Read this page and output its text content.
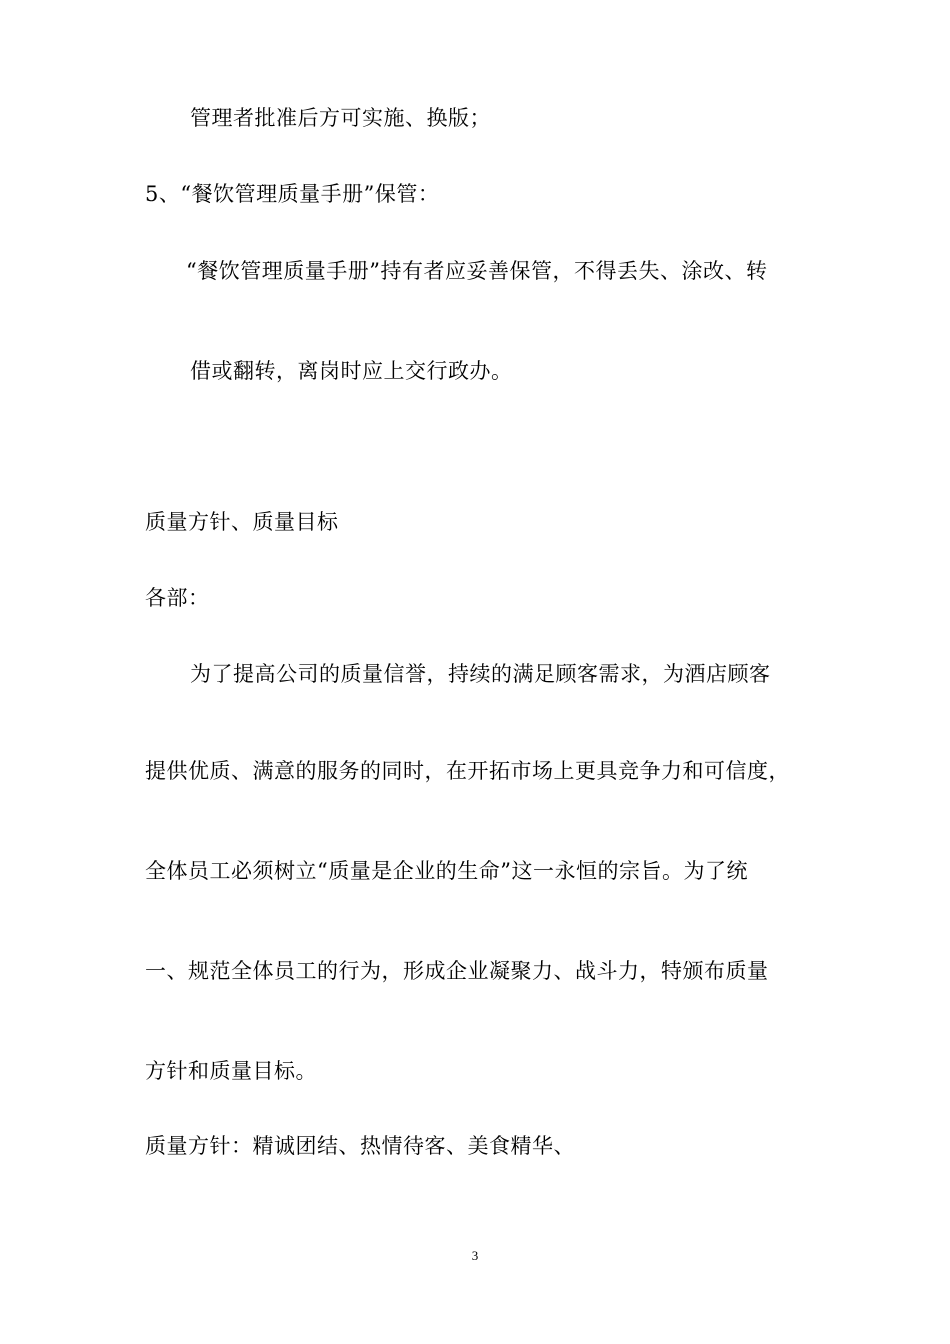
管理者批准后方可实施、换版；
5、“餐饮管理质量手册”保管：
“餐饮管理质量手册”持有者应妥善保管，不得丢失、涂改、转
借或翻转，离岗时应上交行政办。
质量方针、质量目标
各部：
为了提高公司的质量信誉，持续的满足顾客需求，为酒店顾客
提供优质、满意的服务的同时，在开拓市场上更具竞争力和可信度，
全体员工必须树立“质量是企业的生命”这一永恒的宗旨。为了统
一、规范全体员工的行为，形成企业凝聚力、战斗力，特颁布质量
方针和质量目标。
质量方针：精诚团结、热情待客、美食精华、
3
